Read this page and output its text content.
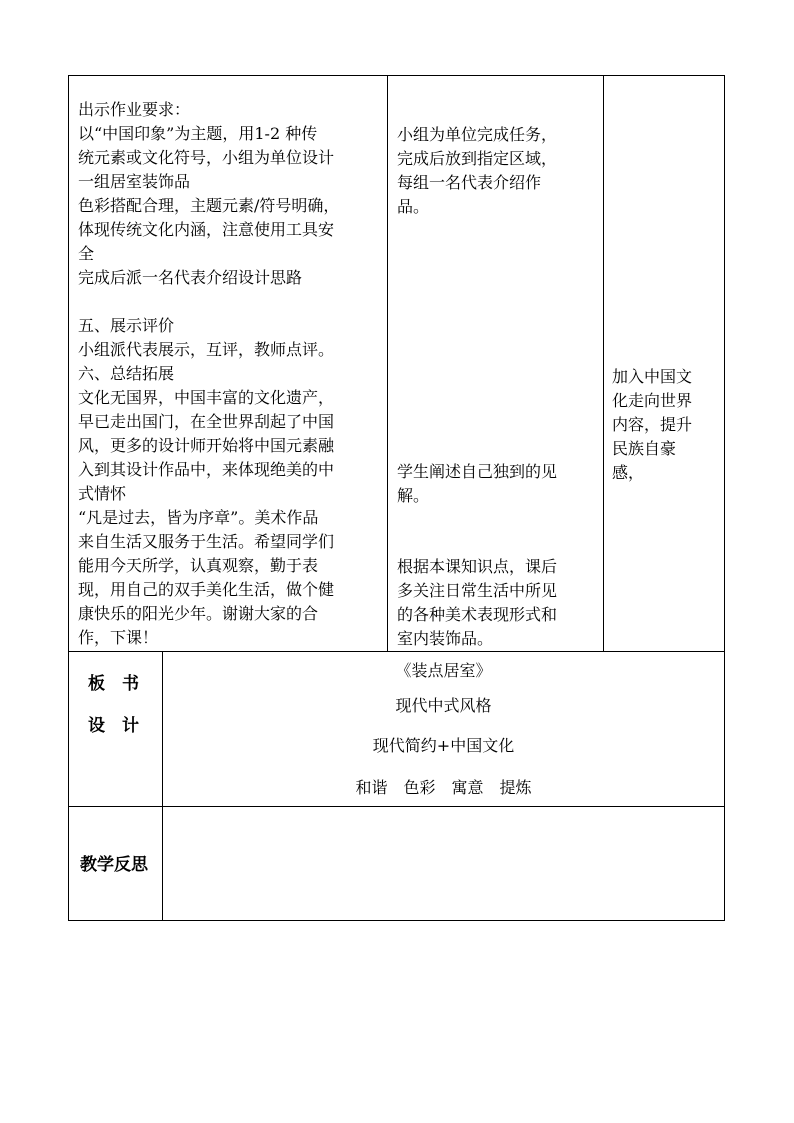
出示作业要求：
以“中国印象”为主题，用1-2 种传
统元素或文化符号，小组为单位设计
一组居室装饰品
色彩搭配合理，主题元素/符号明确，
体现传统文化内涵，注意使用工具安
全
完成后派一名代表介绍设计思路

五、展示评价
小组派代表展示，互评，教师点评。
六、总结拓展
文化无国界，中国丰富的文化遗产，
早已走出国门，在全世界刮起了中国
风，更多的设计师开始将中国元素融
入到其设计作品中，来体现绝美的中
式情怀
“凡是过去，皆为序章”。美术作品
来自生活又服务于生活。希望同学们
能用今天所学，认真观察，勤于表
现，用自己的双手美化生活，做个健
康快乐的阳光少年。谢谢大家的合
作，下课！
小组为单位完成任务，
完成后放到指定区域，
每组一名代表介绍作
品。
学生阐述自己独到的见
解。
根据本课知识点，课后
多关注日常生活中所见
的各种美术表现形式和
室内装饰品。
加入中国文
化走向世界
内容，提升
民族自豪
感，
板　书
设　计
《装点居室》
现代中式风格
现代简约+中国文化
和谐　色彩　寓意　提炼
教学反思
